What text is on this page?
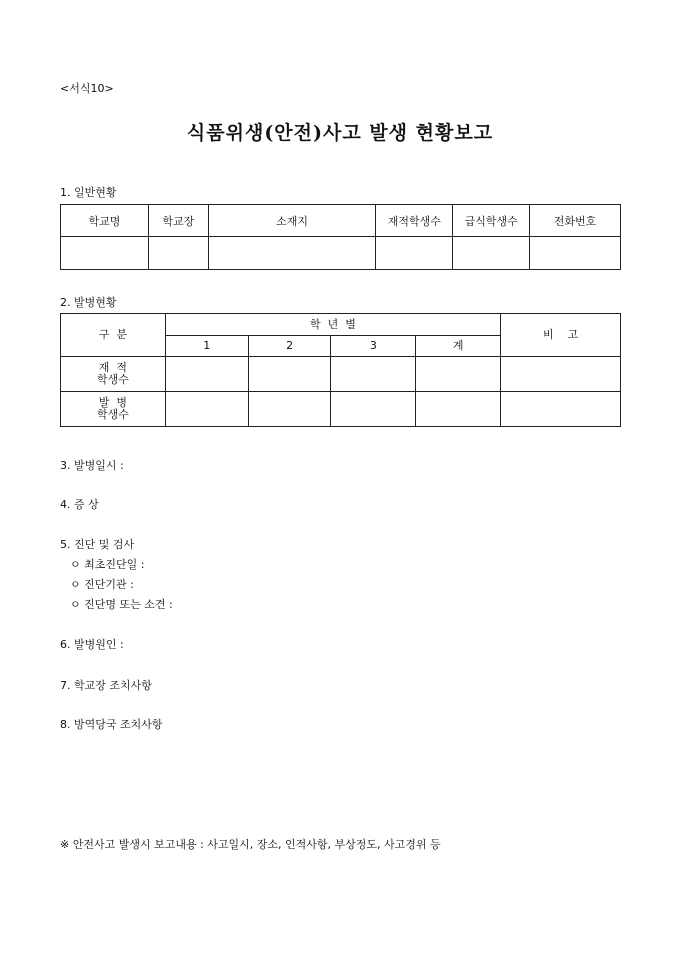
<서식10>
식품위생(안전)사고 발생 현황보고
1. 일반현황
학교명	학교장	소재지	재적학생수	급식학생수	전화번호

2. 발병현황
구  분	학  년  별				비    고
	1	2	3	계	

재  적
학생수					

발  병
학생수					

3. 발병일시 :
4. 증 상
5. 진단 및 검사
ㅇ 최초진단일 :
ㅇ 진단기관 :
ㅇ 진단명 또는 소견 :
6. 발병원인 :
7. 학교장 조치사항
8. 방역당국 조치사항
※ 안전사고 발생시 보고내용 : 사고일시, 장소, 인적사항, 부상정도, 사고경위 등
